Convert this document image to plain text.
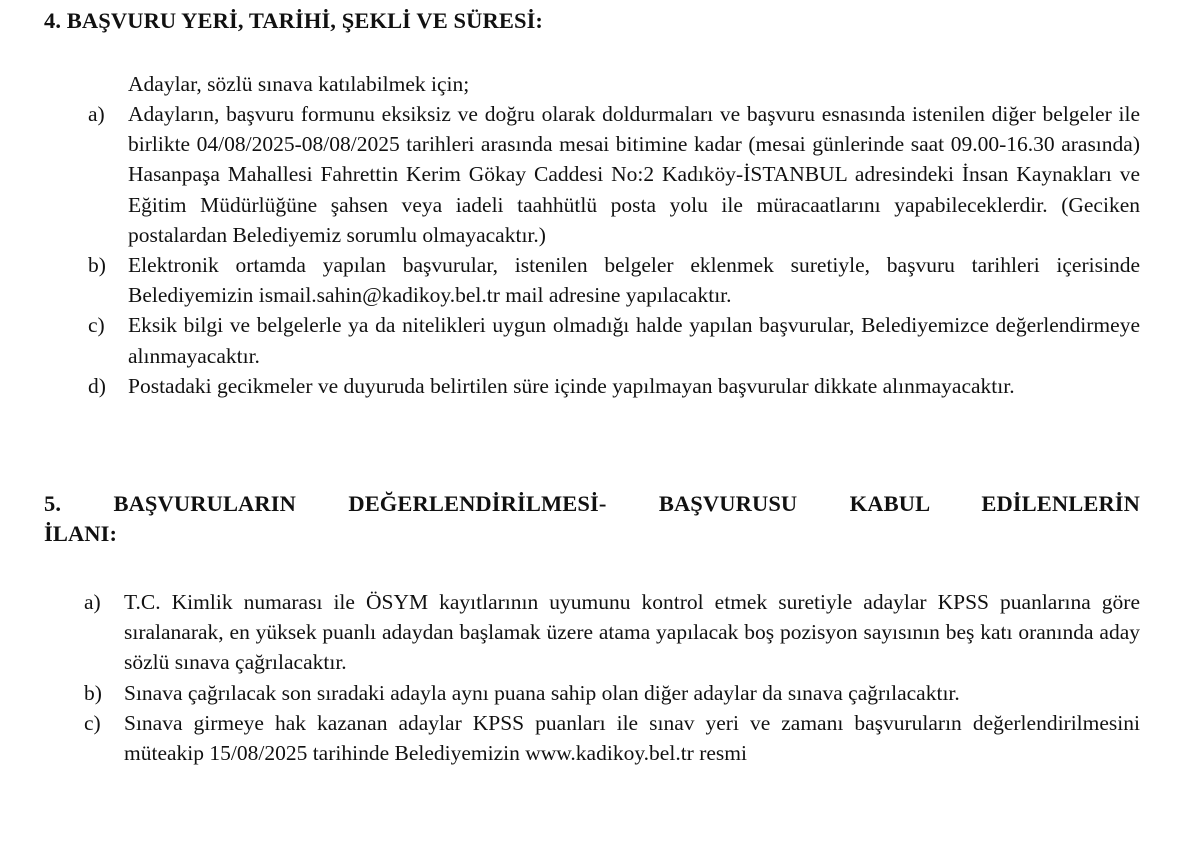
4. BAŞVURU YERİ, TARİHİ, ŞEKLİ VE SÜRESİ:
Adaylar, sözlü sınava katılabilmek için;
a) Adayların, başvuru formunu eksiksiz ve doğru olarak doldurmaları ve başvuru esnasında istenilen diğer belgeler ile birlikte 04/08/2025-08/08/2025 tarihleri arasında mesai bitimine kadar (mesai günlerinde saat 09.00-16.30 arasında) Hasanpaşa Mahallesi Fahrettin Kerim Gökay Caddesi No:2 Kadıköy-İSTANBUL adresindeki İnsan Kaynakları ve Eğitim Müdürlüğüne şahsen veya iadeli taahhütlü posta yolu ile müracaatlarını yapabileceklerdir. (Geciken postalardan Belediyemiz sorumlu olmayacaktır.)
b) Elektronik ortamda yapılan başvurular, istenilen belgeler eklenmek suretiyle, başvuru tarihleri içerisinde Belediyemizin ismail.sahin@kadikoy.bel.tr mail adresine yapılacaktır.
c) Eksik bilgi ve belgelerle ya da nitelikleri uygun olmadığı halde yapılan başvurular, Belediyemizce değerlendirmeye alınmayacaktır.
d) Postadaki gecikmeler ve duyuruda belirtilen süre içinde yapılmayan başvurular dikkate alınmayacaktır.
5. BAŞVURULARIN DEĞERLENDİRİLMESİ- BAŞVURUSU KABUL EDİLENLERİN
İLANI:
a) T.C. Kimlik numarası ile ÖSYM kayıtlarının uyumunu kontrol etmek suretiyle adaylar KPSS puanlarına göre sıralanarak, en yüksek puanlı adaydan başlamak üzere atama yapılacak boş pozisyon sayısının beş katı oranında aday sözlü sınava çağrılacaktır.
b) Sınava çağrılacak son sıradaki adayla aynı puana sahip olan diğer adaylar da sınava çağrılacaktır.
c) Sınava girmeye hak kazanan adaylar KPSS puanları ile sınav yeri ve zamanı başvuruların değerlendirilmesini müteakip 15/08/2025 tarihinde Belediyemizin www.kadikoy.bel.tr resmi
